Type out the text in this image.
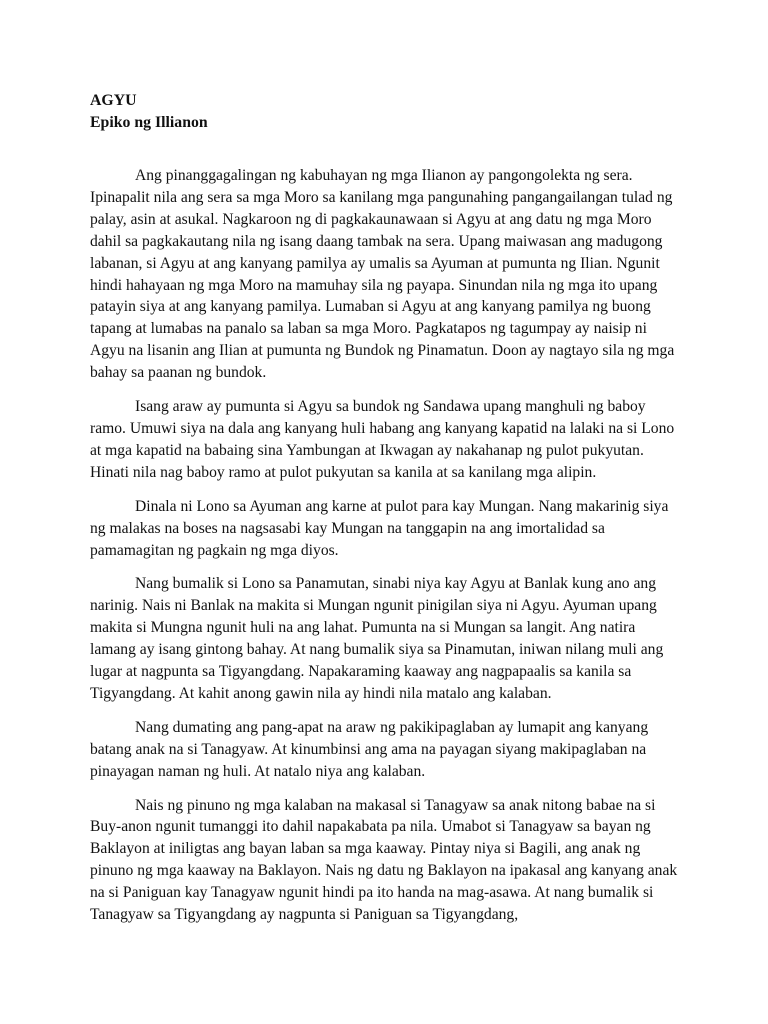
AGYU
Epiko ng Illianon

Ang pinanggagalingan ng kabuhayan ng mga Ilianon ay pangongolekta ng sera. Ipinapalit nila ang sera sa mga Moro sa kanilang mga pangunahing pangangailangan tulad ng palay, asin at asukal. Nagkaroon ng di pagkakaunawaan si Agyu at ang datu ng mga Moro dahil sa pagkakautang nila ng isang daang tambak na sera. Upang maiwasan ang madugong labanan, si Agyu at ang kanyang pamilya ay umalis sa Ayuman at pumunta ng Ilian. Ngunit hindi hahayaan ng mga Moro na mamuhay sila ng payapa. Sinundan nila ng mga ito upang patayin siya at ang kanyang pamilya. Lumaban si Agyu at ang kanyang pamilya ng buong tapang at lumabas na panalo sa laban sa mga Moro. Pagkatapos ng tagumpay ay naisip ni Agyu na lisanin ang Ilian at pumunta ng Bundok ng Pinamatun. Doon ay nagtayo sila ng mga bahay sa paanan ng bundok.

Isang araw ay pumunta si Agyu sa bundok ng Sandawa upang manghuli ng baboy ramo. Umuwi siya na dala ang kanyang huli habang ang kanyang kapatid na lalaki na si Lono at mga kapatid na babaing sina Yambungan at Ikwagan ay nakahanap ng pulot pukyutan. Hinati nila nag baboy ramo at pulot pukyutan sa kanila at sa kanilang mga alipin.

Dinala ni Lono sa Ayuman ang karne at pulot para kay Mungan. Nang makarinig siya ng malakas na boses na nagsasabi kay Mungan na tanggapin na ang imortalidad sa pamamagitan ng pagkain ng mga diyos.

Nang bumalik si Lono sa Panamutan, sinabi niya kay Agyu at Banlak kung ano ang narinig. Nais ni Banlak na makita si Mungan ngunit pinigilan siya ni Agyu. Ayuman upang makita si Mungna ngunit huli na ang lahat. Pumunta na si Mungan sa langit. Ang natira lamang ay isang gintong bahay. At nang bumalik siya sa Pinamutan, iniwan nilang muli ang lugar at nagpunta sa Tigyangdang. Napakaraming kaaway ang nagpapaalis sa kanila sa Tigyangdang. At kahit anong gawin nila ay hindi nila matalo ang kalaban.

Nang dumating ang pang-apat na araw ng pakikipaglaban ay lumapit ang kanyang batang anak na si Tanagyaw. At kinumbinsi ang ama na payagan siyang makipaglaban na pinayagan naman ng huli. At natalo niya ang kalaban.

Nais ng pinuno ng mga kalaban na makasal si Tanagyaw sa anak nitong babae na si Buy-anon ngunit tumanggi ito dahil napakabata pa nila. Umabot si Tanagyaw sa bayan ng Baklayon at iniligtas ang bayan laban sa mga kaaway. Pintay niya si Bagili, ang anak ng pinuno ng mga kaaway na Baklayon. Nais ng datu ng Baklayon na ipakasal ang kanyang anak na si Paniguan kay Tanagyaw ngunit hindi pa ito handa na mag-asawa. At nang bumalik si Tanagyaw sa Tigyangdang ay nagpunta si Paniguan sa Tigyangdang,
